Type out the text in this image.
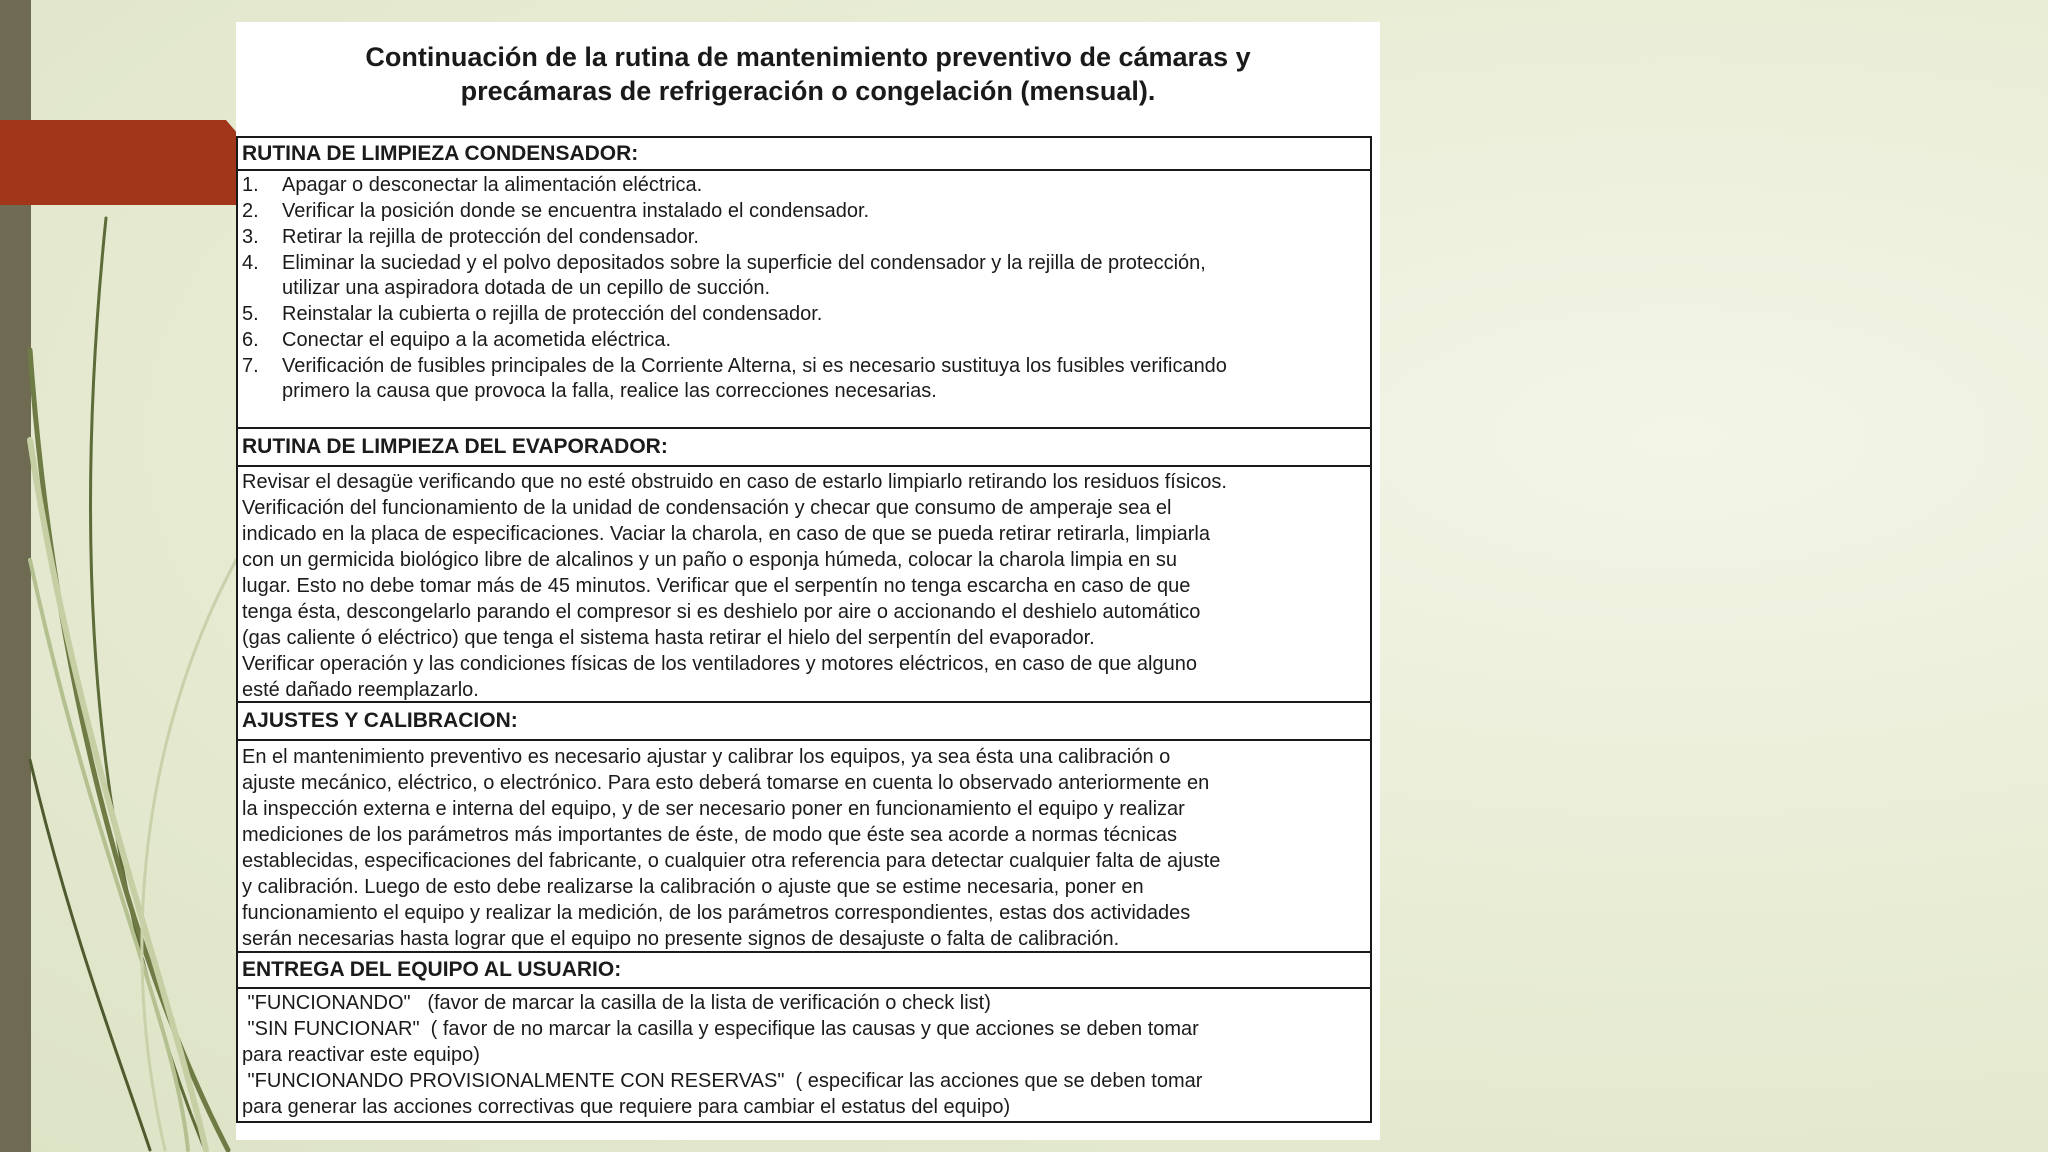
Continuación de la rutina de mantenimiento preventivo de cámaras y
precámaras de refrigeración o congelación (mensual).
RUTINA DE LIMPIEZA CONDENSADOR:
1.	Apagar o desconectar la alimentación eléctrica.
2.	Verificar la posición donde se encuentra instalado el condensador.
3.	Retirar la rejilla de protección del condensador.
4.	Eliminar la suciedad y el polvo depositados sobre la superficie del condensador y la rejilla de protección,
utilizar una aspiradora dotada de un cepillo de succión.
5.	Reinstalar la cubierta o rejilla de protección del condensador.
6.	Conectar el equipo a la acometida eléctrica.
7.	Verificación de fusibles principales de la Corriente Alterna, si es necesario sustituya los fusibles verificando
primero la causa que provoca la falla, realice las correcciones necesarias.
RUTINA DE LIMPIEZA DEL EVAPORADOR:
Revisar el desagüe verificando que no esté obstruido en caso de estarlo limpiarlo retirando los residuos físicos.
Verificación del funcionamiento de la unidad de condensación y checar que consumo de amperaje sea el
indicado en la placa de especificaciones. Vaciar la charola, en caso de que se pueda retirar retirarla, limpiarla
con un germicida biológico libre de alcalinos y un paño o esponja húmeda, colocar la charola limpia en su
lugar. Esto no debe tomar más de 45 minutos. Verificar que el serpentín no tenga escarcha en caso de que
tenga ésta, descongelarlo parando el compresor si es deshielo por aire o accionando el deshielo automático
(gas caliente ó eléctrico) que tenga el sistema hasta retirar el hielo del serpentín del evaporador.
Verificar operación y las condiciones físicas de los ventiladores y motores eléctricos, en caso de que alguno
esté dañado reemplazarlo.
AJUSTES Y CALIBRACION:
En el mantenimiento preventivo es necesario ajustar y calibrar los equipos, ya sea ésta una calibración o
ajuste mecánico, eléctrico, o electrónico. Para esto deberá tomarse en cuenta lo observado anteriormente en
la inspección externa e interna del equipo, y de ser necesario poner en funcionamiento el equipo y realizar
mediciones de los parámetros más importantes de éste, de modo que éste sea acorde a normas técnicas
establecidas, especificaciones del fabricante, o cualquier otra referencia para detectar cualquier falta de ajuste
y calibración. Luego de esto debe realizarse la calibración o ajuste que se estime necesaria, poner en
funcionamiento el equipo y realizar la medición, de los parámetros correspondientes, estas dos actividades
serán necesarias hasta lograr que el equipo no presente signos de desajuste o falta de calibración.
ENTREGA DEL EQUIPO AL USUARIO:
"FUNCIONANDO"   (favor de marcar la casilla de la lista de verificación o check list)
"SIN FUNCIONAR"  ( favor de no marcar la casilla y especifique las causas y que acciones se deben tomar
para reactivar este equipo)
"FUNCIONANDO PROVISIONALMENTE CON RESERVAS"  ( especificar las acciones que se deben tomar
para generar las acciones correctivas que requiere para cambiar el estatus del equipo)
